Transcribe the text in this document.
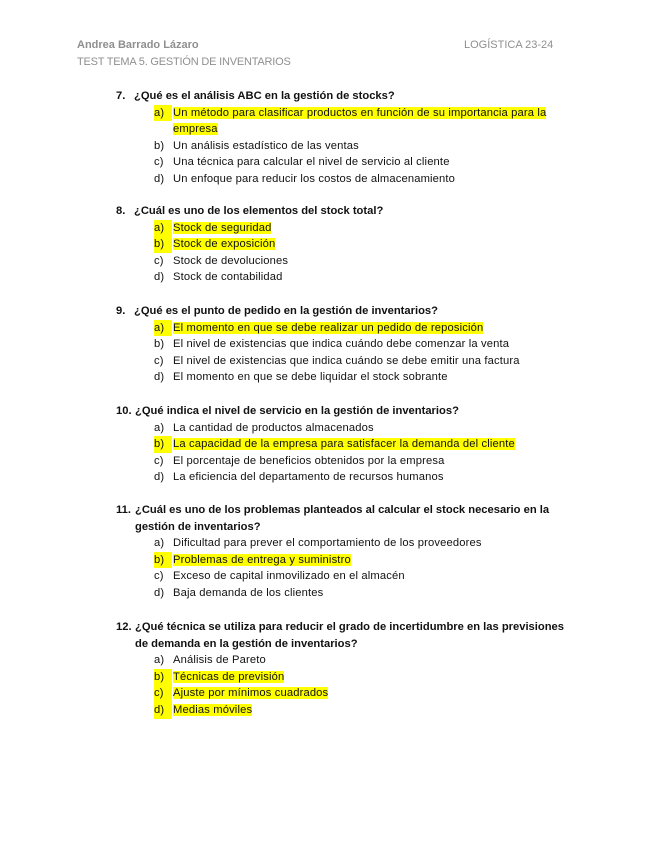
Andrea Barrado Lázaro	LOGÍSTICA 23-24
TEST TEMA 5. GESTIÓN DE INVENTARIOS
7. ¿Qué es el análisis ABC en la gestión de stocks?
a) Un método para clasificar productos en función de su importancia para la empresa
b) Un análisis estadístico de las ventas
c) Una técnica para calcular el nivel de servicio al cliente
d) Un enfoque para reducir los costos de almacenamiento
8. ¿Cuál es uno de los elementos del stock total?
a) Stock de seguridad
b) Stock de exposición
c) Stock de devoluciones
d) Stock de contabilidad
9. ¿Qué es el punto de pedido en la gestión de inventarios?
a) El momento en que se debe realizar un pedido de reposición
b) El nivel de existencias que indica cuándo debe comenzar la venta
c) El nivel de existencias que indica cuándo se debe emitir una factura
d) El momento en que se debe liquidar el stock sobrante
10. ¿Qué indica el nivel de servicio en la gestión de inventarios?
a) La cantidad de productos almacenados
b) La capacidad de la empresa para satisfacer la demanda del cliente
c) El porcentaje de beneficios obtenidos por la empresa
d) La eficiencia del departamento de recursos humanos
11. ¿Cuál es uno de los problemas planteados al calcular el stock necesario en la gestión de inventarios?
a) Dificultad para prever el comportamiento de los proveedores
b) Problemas de entrega y suministro
c) Exceso de capital inmovilizado en el almacén
d) Baja demanda de los clientes
12. ¿Qué técnica se utiliza para reducir el grado de incertidumbre en las previsiones de demanda en la gestión de inventarios?
a) Análisis de Pareto
b) Técnicas de previsión
c) Ajuste por mínimos cuadrados
d) Medias móviles
